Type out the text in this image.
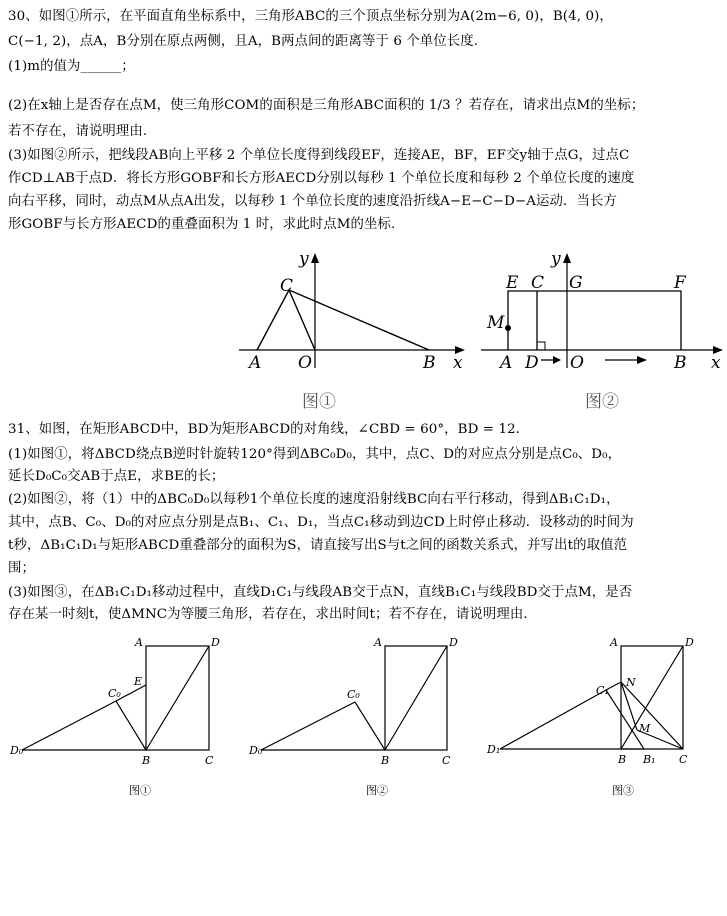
30、如图①所示，在平面直角坐标系中，三角形ABC的三个顶点坐标分别为A(2m−6, 0)，B(4, 0)，
C(−1, 2)，点A，B分别在原点两侧，且A，B两点间的距离等于 6 个单位长度.
(1)m的值为______；
(2)在x轴上是否存在点M，使三角形COM的面积是三角形ABC面积的 1/3 ？若存在，请求出点M的坐标；
若不存在，请说明理由.
(3)如图②所示，把线段AB向上平移 2 个单位长度得到线段EF，连接AE，BF，EF交y轴于点G，过点C
作CD⊥AB于点D．将长方形GOBF和长方形AECD分别以每秒 1 个单位长度和每秒 2 个单位长度的速度
向右平移，同时，动点M从点A出发，以每秒 1 个单位长度的速度沿折线A−E−C−D−A运动．当长方
形GOBF与长方形AECD的重叠面积为 1 时，求此时点M的坐标.
C
A O	B x
y
图①
E C G	F
M
y
A D O	B x
图②
31、如图，在矩形ABCD中，BD为矩形ABCD的对角线，∠CBD = 60°，BD = 12．
(1)如图①，将ΔBCD绕点B逆时针旋转120°得到ΔBC₀D₀，其中，点C、D的对应点分别是点C₀、D₀，
延长D₀C₀交AB于点E，求BE的长；
(2)如图②，将（1）中的ΔBC₀D₀以每秒1个单位长度的速度沿射线BC向右平行移动，得到ΔB₁C₁D₁，
其中，点B、C₀、D₀的对应点分别是点B₁、C₁、D₁，当点C₁移动到边CD上时停止移动．设移动的时间为
t秒，ΔB₁C₁D₁与矩形ABCD重叠部分的面积为S，请直接写出S与t之间的函数关系式，并写出t的取值范
围；
(3)如图③，在ΔB₁C₁D₁移动过程中，直线D₁C₁与线段AB交于点N，直线B₁C₁与线段BD交于点M，是否
存在某一时刻t，使ΔMNC为等腰三角形，若存在，求出时间t；若不存在，请说明理由．
A	D
E
C₀
D₀
B	C
图①
A	D
C₀
D₀
B	C
图②
A	D
C₁
N
M
D₁
B B₁ C
图③
